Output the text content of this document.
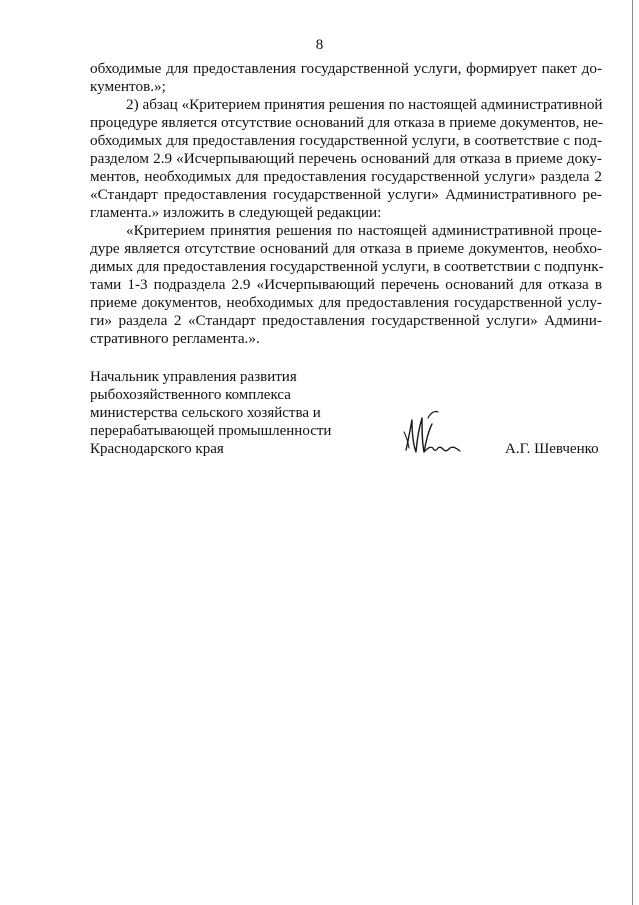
8
обходимые для предоставления государственной услуги, формирует пакет до-
кументов.»;
2) абзац «Критерием принятия решения по настоящей административной
процедуре является отсутствие оснований для отказа в приеме документов, не-
обходимых для предоставления государственной услуги, в соответствие с под-
разделом 2.9 «Исчерпывающий перечень оснований для отказа в приеме доку-
ментов, необходимых для предоставления государственной услуги» раздела 2
«Стандарт предоставления государственной услуги» Административного ре-
гламента.» изложить в следующей редакции:
«Критерием принятия решения по настоящей административной проце-
дуре является отсутствие оснований для отказа в приеме документов, необхо-
димых для предоставления государственной услуги, в соответствии с подпунк-
тами 1-3 подраздела 2.9 «Исчерпывающий перечень оснований для отказа в
приеме документов, необходимых для предоставления государственной услу-
ги» раздела 2 «Стандарт предоставления государственной услуги» Админи-
стративного регламента.».
Начальник управления развития
рыбохозяйственного комплекса
министерства сельского хозяйства и
перерабатывающей промышленности
Краснодарского края	А.Г. Шевченко
